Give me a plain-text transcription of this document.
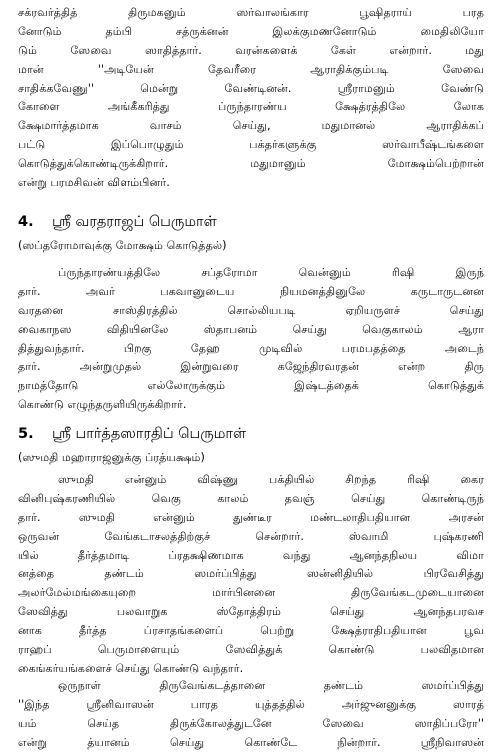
சக்ரவர்த்தித் திருமகனும் ஸர்வாலங்கார பூஷிதராய் பரத
னோடும் தம்பி சத்ருக்னன் இலக்குமணனோடும் மைதிலியோ
டும் ஸேவை ஸாதித்தார். வரன்களைக் கேள் என்றார். மது
மான் ''அடியேன் தேவரீரை ஆராதிக்கும்படி ஸேவை
சாதிக்கவேணு'' மென்று வேண்டினன். ஸ்ரீராமனும் வேண்டு
கோளை அங்கீகரித்து ப்ருந்தாரண்ய க்ஷேத்ரத்திலே லோக
க்ஷேமார்த்தமாக வாசம் செய்து, மதுமானல் ஆராதிக்கப்
பட்டு இப்பொழுதும் பக்தர்களுக்கு ஸர்வாபீஷ்டங்களை
கொடுத்துக்கொண்டிருக்கிறார். மதுமானும் மோக்ஷம்பெற்றான்
என்று பரமசிவன் விளம்பினர்.
4. ஸ்ரீ வரதராஜப் பெருமாள்
(ஸப்தரோமாவுக்கு மோக்ஷம் கொடுத்தல்)
ப்ருந்தாரண்யத்திலே சப்தரோமா வென்னும் ரிஷி இருந்
தார். அவர் பகவானுடைய நியமனத்தினுலே கருடாருடனன
வரதனை சாஸ்திரத்தில் சொல்லியபடி ஏறியருளச் செய்து
வைகாநஸ விதியினலே ஸ்தாபனம் செய்து வெகுகாலம் ஆரா
தித்துவந்தார். பிறகு தேஹ முடிவில் பரமபதத்தை அடைந்
தார். அன்றுமுதல் இன்றுவரை கஜேந்திரவரதன் என்ற திரு
நாமத்தோடு எல்லோருக்கும் இஷ்டத்தைக் கொடுத்துக்
கொண்டு எழுந்தருளியிருக்கிறார்.
5. ஸ்ரீ பார்த்தஸாரதிப் பெருமாள்
(ஸுமதி மஹாராஜனுக்கு ப்ரத்யக்ஷம்)
ஸுமதி என்னும் விஷ்ணு பக்தியில் சிறந்த ரிஷி கைர
வினிபுஷ்கரணியில் வெகு காலம் தவஞ் செய்து கொண்டிருந்
தார். ஸுமதி என்னும் துண்டீர மண்டலாதிபதியான அரசன்
ஒருவன் வேங்கடாசலத்திற்குச் சென்றார். ஸ்வாமி புஷ்கரணி
யில் தீர்த்தமாடி ப்ரதக்ஷிணமாக வந்து ஆனந்தநிலய விமா
னத்தை தண்டம் ஸமர்ப்பித்து ஸன்னிதியில் பிரவேசித்து
அலர்மேல்மங்கையுறை மார்பினனை திருவேங்கடமுடையானை
ஸேவித்து பலவாறுக ஸ்தோத்திரம் செய்து ஆனந்தபரவச
னாக தீர்த்த ப்ரசாதங்களைப் பெற்று க்ஷேத்ராதிபதியான பூவ
ராஹப் பெருமாளையும் ஸேவித்துக் கொண்டு பலவிதமான
கைங்கர்யங்களைச் செய்து கொண்டு வந்தார்.
ஒருநாள் திருவேங்கடத்தானை தண்டம் ஸமர்ப்பித்து
''இந்த ஸ்ரீனிவாஸன் பாரத யுத்தத்தில் அர்ஜுனனுக்கு ஸாரத்
யம் செய்த திருக்கோலத்துடனே ஸேவை ஸாதிப்பரோ''
என்று த்யானம் செய்து கொண்டே நின்றார். ஸ்ரீநிவாஸன்
